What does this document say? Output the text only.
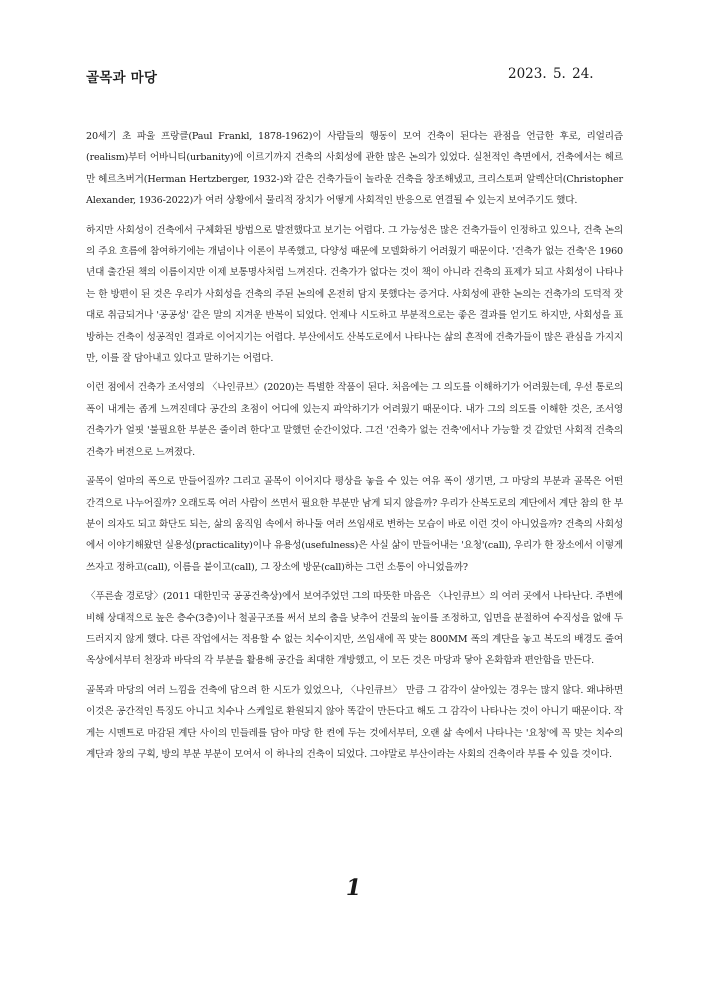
골목과 마당	2023. 5. 24.

20세기 초 파울 프랑클(Paul Frankl, 1878-1962)이 사람들의 행동이 모여 건축이 된다는 관점을 언급한 후로, 리얼리즘(realism)부터 어바니티(urbanity)에 이르기까지 건축의 사회성에 관한 많은 논의가 있었다. 실천적인 측면에서, 건축에서는 헤르만 헤르츠버거(Herman Hertzberger, 1932-)와 같은 건축가들이 놀라운 건축을 창조해냈고, 크리스토퍼 알렉산더(Christopher Alexander, 1936-2022)가 여러 상황에서 물리적 장치가 어떻게 사회적인 반응으로 연결될 수 있는지 보여주기도 했다.

하지만 사회성이 건축에서 구체화된 방법으로 발전했다고 보기는 어렵다. 그 가능성은 많은 건축가들이 인정하고 있으나, 건축 논의의 주요 흐름에 참여하기에는 개념이나 이론이 부족했고, 다양성 때문에 모델화하기 어려웠기 때문이다. '건축가 없는 건축'은 1960년대 출간된 책의 이름이지만 이제 보통명사처럼 느껴진다. 건축가가 없다는 것이 책이 아니라 건축의 표제가 되고 사회성이 나타나는 한 방편이 된 것은 우리가 사회성을 건축의 주된 논의에 온전히 담지 못했다는 증거다. 사회성에 관한 논의는 건축가의 도덕적 잣대로 취급되거나 '공공성' 같은 말의 지겨운 반복이 되었다. 언제나 시도하고 부분적으로는 좋은 결과를 얻기도 하지만, 사회성을 표방하는 건축이 성공적인 결과로 이어지기는 어렵다. 부산에서도 산복도로에서 나타나는 삶의 흔적에 건축가들이 많은 관심을 가지지만, 이를 잘 담아내고 있다고 말하기는 어렵다.

이런 점에서 건축가 조서영의 〈나인큐브〉(2020)는 특별한 작품이 된다. 처음에는 그 의도를 이해하기가 어려웠는데, 우선 통로의 폭이 내게는 좁게 느껴진데다 공간의 초점이 어디에 있는지 파악하기가 어려웠기 때문이다. 내가 그의 의도를 이해한 것은, 조서영 건축가가 얼핏 '불필요한 부분은 줄이려 한다'고 말했던 순간이었다. 그건 '건축가 없는 건축'에서나 가능할 것 같았던 사회적 건축의 건축가 버전으로 느껴졌다.

골목이 얼마의 폭으로 만들어질까? 그리고 골목이 이어지다 평상을 놓을 수 있는 여유 폭이 생기면, 그 마당의 부분과 골목은 어떤 간격으로 나누어질까? 오래도록 여러 사람이 쓰면서 필요한 부분만 남게 되지 않을까? 우리가 산복도로의 계단에서 계단 참의 한 부분이 의자도 되고 화단도 되는, 삶의 움직임 속에서 하나둘 여러 쓰임새로 변하는 모습이 바로 이런 것이 아니었을까? 건축의 사회성에서 이야기해왔던 실용성(practicality)이나 유용성(usefulness)은 사실 삶이 만들어내는 '요청'(call), 우리가 한 장소에서 이렇게 쓰자고 정하고(call), 이름을 붙이고(call), 그 장소에 방문(call)하는 그런 소통이 아니었을까?

〈푸른솔 경로당〉(2011 대한민국 공공건축상)에서 보여주었던 그의 따뜻한 마음은 〈나인큐브〉의 여러 곳에서 나타난다. 주변에 비해 상대적으로 높은 층수(3층)이나 철골구조를 써서 보의 춤을 낮추어 건물의 높이를 조정하고, 입면을 분절하여 수직성을 없애 두드러지지 않게 했다. 다른 작업에서는 적용할 수 없는 치수이지만, 쓰임새에 꼭 맞는 800MM 폭의 계단을 놓고 복도의 배경도 줄여 옥상에서부터 천장과 바닥의 각 부분을 활용해 공간을 최대한 개방했고, 이 모든 것은 마당과 닿아 온화함과 편안함을 만든다.

골목과 마당의 여러 느낌을 건축에 담으려 한 시도가 있었으나, 〈나인큐브〉 만큼 그 감각이 살아있는 경우는 많지 않다. 왜냐하면 이것은 공간적인 특징도 아니고 치수나 스케일로 환원되지 않아 똑같이 만든다고 해도 그 감각이 나타나는 것이 아니기 때문이다. 작게는 시멘트로 마감된 계단 사이의 민들레를 담아 마당 한 켠에 두는 것에서부터, 오랜 삶 속에서 나타나는 '요청'에 꼭 맞는 치수의 계단과 창의 구획, 방의 부분 부분이 모여서 이 하나의 건축이 되었다. 그야말로 부산이라는 사회의 건축이라 부를 수 있을 것이다.

1
